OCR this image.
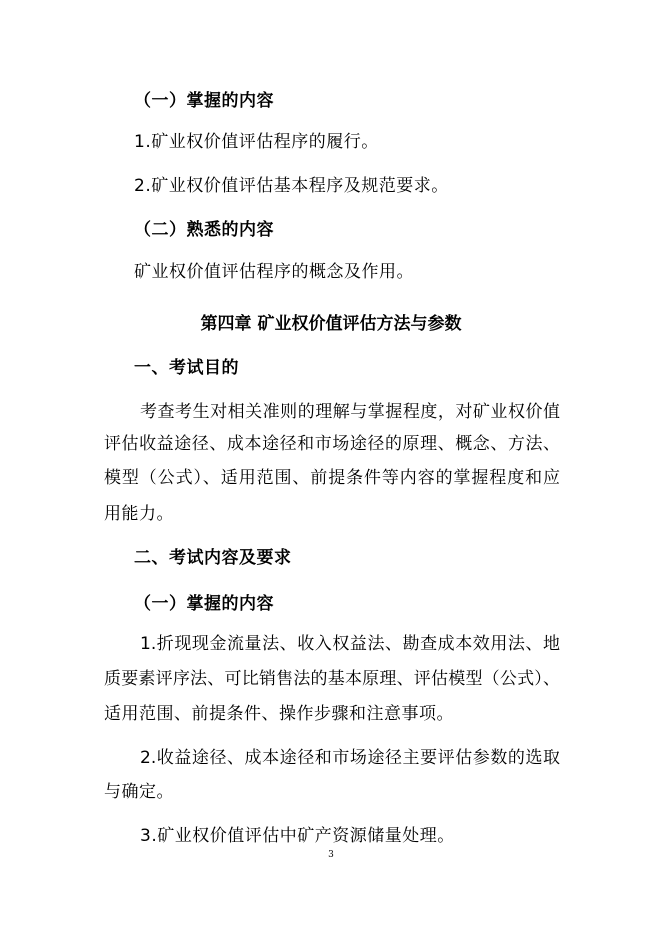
（一）掌握的内容
1.矿业权价值评估程序的履行。
2.矿业权价值评估基本程序及规范要求。
（二）熟悉的内容
矿业权价值评估程序的概念及作用。
第四章 矿业权价值评估方法与参数
一、考试目的
考查考生对相关准则的理解与掌握程度，对矿业权价值
评估收益途径、成本途径和市场途径的原理、概念、方法、
模型（公式）、适用范围、前提条件等内容的掌握程度和应
用能力。
二、考试内容及要求
（一）掌握的内容
1.折现现金流量法、收入权益法、勘查成本效用法、地
质要素评序法、可比销售法的基本原理、评估模型（公式）、
适用范围、前提条件、操作步骤和注意事项。
2.收益途径、成本途径和市场途径主要评估参数的选取
与确定。
3.矿业权价值评估中矿产资源储量处理。
3
